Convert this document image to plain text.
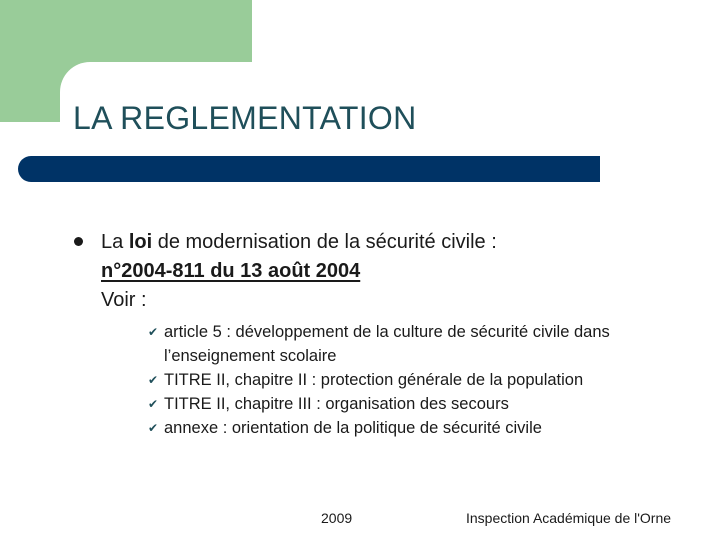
LA REGLEMENTATION
La loi de modernisation de la sécurité civile :
n°2004-811 du 13 août 2004
Voir :
✔ article 5 : développement de la culture de sécurité civile dans l’enseignement scolaire
✔ TITRE II, chapitre II : protection générale de la population
✔ TITRE II, chapitre III : organisation des secours
✔ annexe : orientation de la politique de sécurité civile
2009	Inspection Académique de l'Orne
